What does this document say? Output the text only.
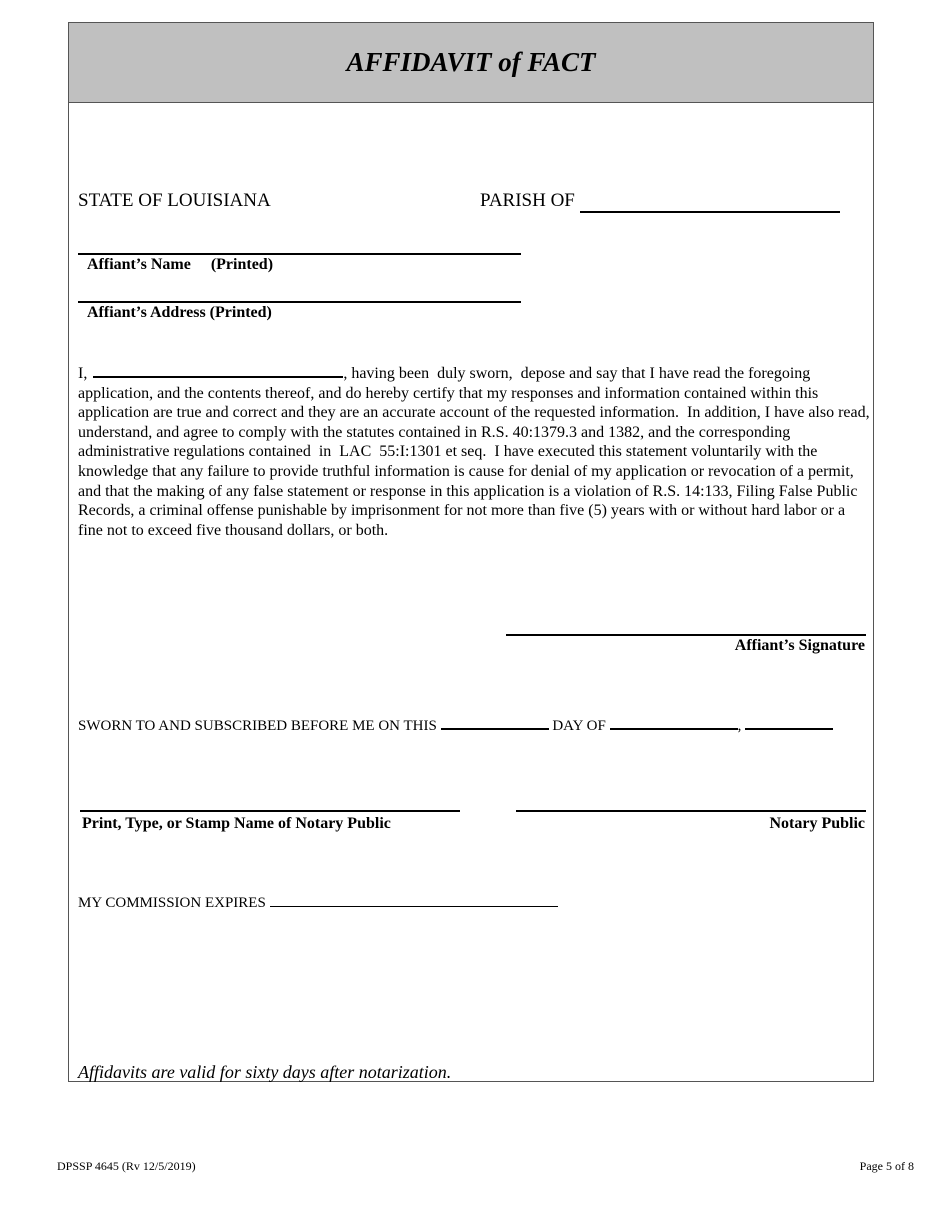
AFFIDAVIT of FACT
STATE OF LOUISIANA	PARISH OF
Affiant’s Name     (Printed)
Affiant’s Address (Printed)
I,	, having been  duly sworn,  depose and say that I have read the foregoing application, and the contents thereof, and do hereby certify that my responses and information contained within this application are true and correct and they are an accurate account of the requested information.  In addition, I have also read, understand, and agree to comply with the statutes contained in R.S. 40:1379.3 and 1382, and the corresponding administrative regulations contained  in  LAC  55:I:1301 et seq.  I have executed this statement voluntarily with the knowledge that any failure to provide truthful information is cause for denial of my application or revocation of a permit, and that the making of any false statement or response in this application is a violation of R.S. 14:133, Filing False Public Records, a criminal offense punishable by imprisonment for not more than five (5) years with or without hard labor or a fine not to exceed five thousand dollars, or both.
Affiant’s Signature
SWORN TO AND SUBSCRIBED BEFORE ME ON THIS	DAY OF	,
Print, Type, or Stamp Name of Notary Public	Notary Public
MY COMMISSION EXPIRES
Affidavits are valid for sixty days after notarization.
DPSSP 4645 (Rv 12/5/2019)	Page 5 of 8
